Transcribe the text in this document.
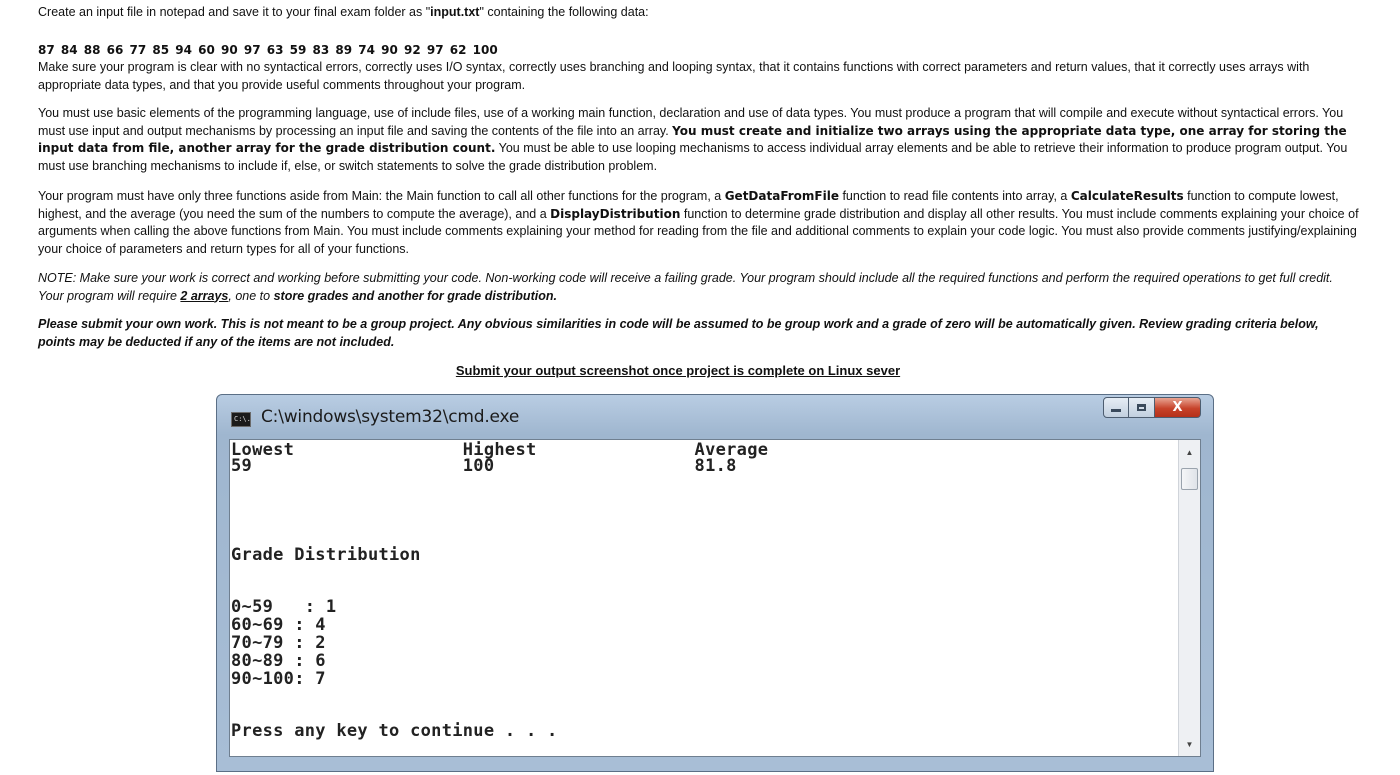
Create an input file in notepad and save it to your final exam folder as "input.txt" containing the following data:

87 84 88 66 77 85 94 60 90 97 63 59 83 89 74 90 92 97 62 100

Make sure your program is clear with no syntactical errors, correctly uses I/O syntax, correctly uses branching and looping syntax, that it contains functions with correct parameters and return values, that it correctly uses arrays with appropriate data types, and that you provide useful comments throughout your program.

You must use basic elements of the programming language, use of include files, use of a working main function, declaration and use of data types. You must produce a program that will compile and execute without syntactical errors. You must use input and output mechanisms by processing an input file and saving the contents of the file into an array. You must create and initialize two arrays using the appropriate data type, one array for storing the input data from file, another array for the grade distribution count. You must be able to use looping mechanisms to access individual array elements and be able to retrieve their information to produce program output. You must use branching mechanisms to include if, else, or switch statements to solve the grade distribution problem.

Your program must have only three functions aside from Main: the Main function to call all other functions for the program, a GetDataFromFile function to read file contents into array, a CalculateResults function to compute lowest, highest, and the average (you need the sum of the numbers to compute the average), and a DisplayDistribution function to determine grade distribution and display all other results. You must include comments explaining your choice of arguments when calling the above functions from Main. You must include comments explaining your method for reading from the file and additional comments to explain your code logic. You must also provide comments justifying/explaining your choice of parameters and return types for all of your functions.

NOTE: Make sure your work is correct and working before submitting your code. Non-working code will receive a failing grade. Your program should include all the required functions and perform the required operations to get full credit. Your program will require 2 arrays, one to store grades and another for grade distribution.

Please submit your own work. This is not meant to be a group project. Any obvious similarities in code will be assumed to be group work and a grade of zero will be automatically given. Review grading criteria below, points may be deducted if any of the items are not included.

Submit your output screenshot once project is complete on Linux sever
C:\. C:\windows\system32\cmd.exe	X
Lowest                Highest               Average
59                    100                   81.8
Grade Distribution
0~59   : 1
60~69 : 4
70~79 : 2
80~89 : 6
90~100: 7
Press any key to continue . . .
▲
▼
